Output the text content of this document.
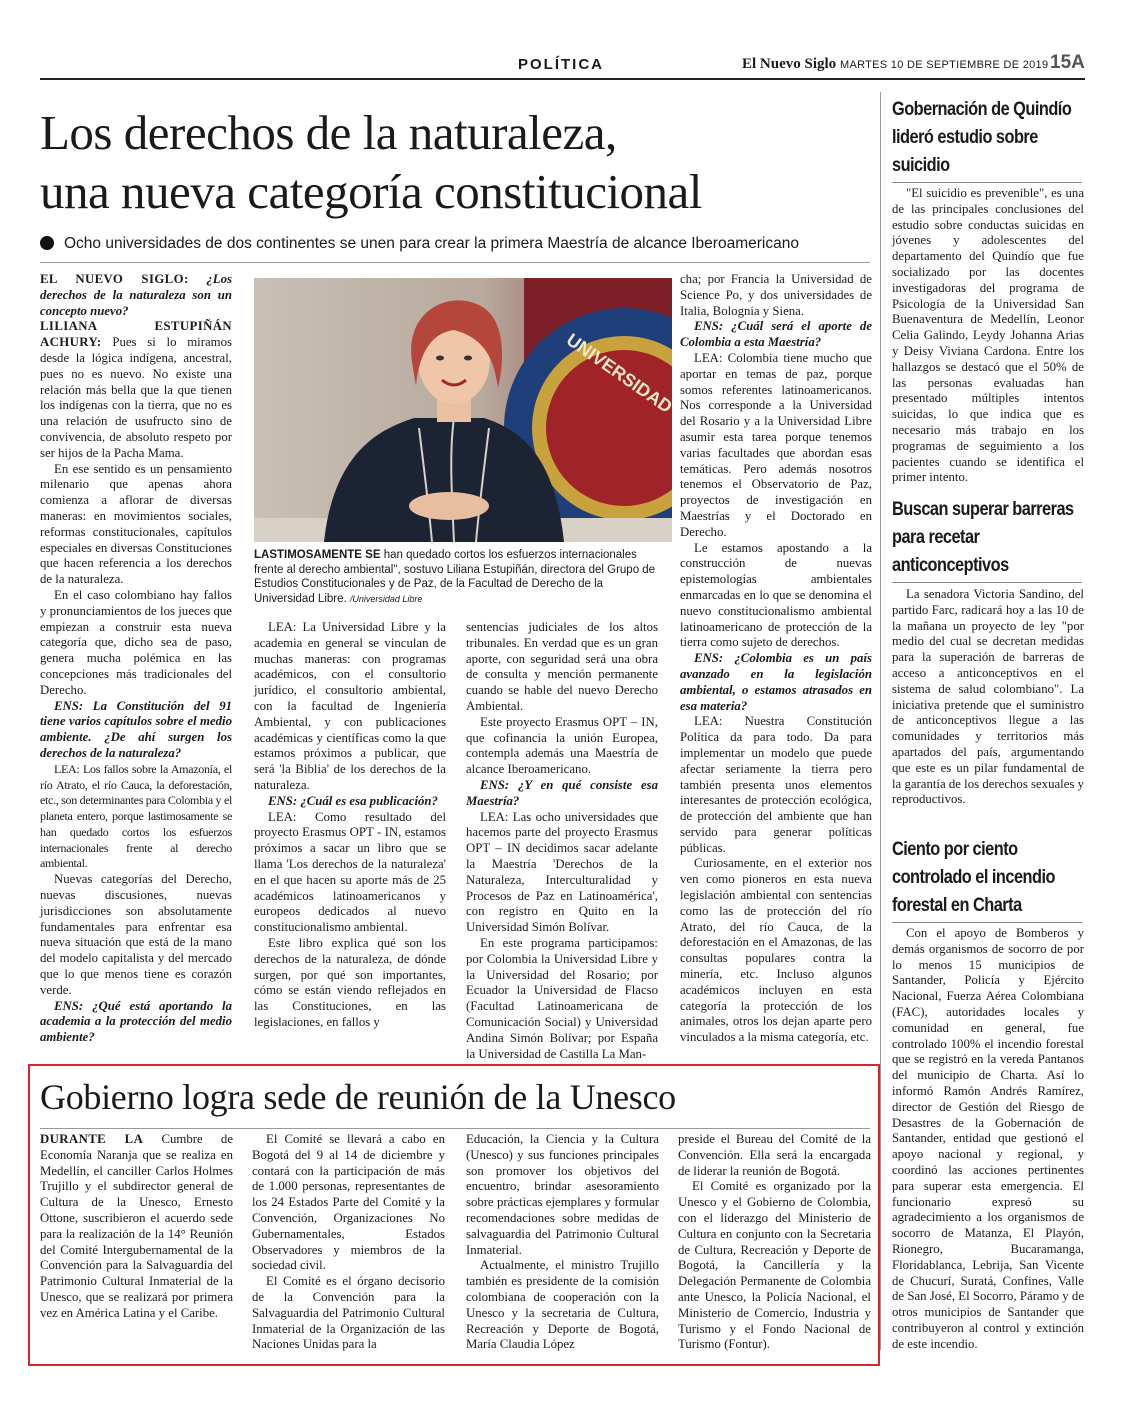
POLÍTICA	El Nuevo Siglo MARTES 10 DE SEPTIEMBRE DE 2019 15A
Los derechos de la naturaleza,
una nueva categoría constitucional
Ocho universidades de dos continentes se unen para crear la primera Maestría de alcance Iberoamericano

EL NUEVO SIGLO: ¿Los derechos de la naturaleza son un concepto nuevo?

LILIANA ESTUPIÑÁN ACHURY: Pues si lo miramos desde la lógica indígena, ancestral, pues no es nuevo. No existe una relación más bella que la que tienen los indígenas con la tierra, que no es una relación de usufructo sino de convivencia, de absoluto respeto por ser hijos de la Pacha Mama.

En ese sentido es un pensamiento milenario que apenas ahora comienza a aflorar de diversas maneras: en movimientos sociales, reformas constitucionales, capítulos especiales en diversas Constituciones que hacen referencia a los derechos de la naturaleza.

En el caso colombiano hay fallos y pronunciamientos de los jueces que empiezan a construir esta nueva categoría que, dicho sea de paso, genera mucha polémica en las concepciones más tradicionales del Derecho.

ENS: La Constitución del 91 tiene varios capítulos sobre el medio ambiente. ¿De ahí surgen los derechos de la naturaleza?

LEA: Los fallos sobre la Amazonía, el río Atrato, el río Cauca, la deforestación, etc., son determinantes para Colombia y el planeta entero, porque lastimosamente se han quedado cortos los esfuerzos internacionales frente al derecho ambiental.

Nuevas categorías del Derecho, nuevas discusiones, nuevas jurisdicciones son absolutamente fundamentales para enfrentar esa nueva situación que está de la mano del modelo capitalista y del mercado que lo que menos tiene es corazón verde.

ENS: ¿Qué está aportando la academia a la protección del medio ambiente?

LASTIMOSAMENTE SE han quedado cortos los esfuerzos internacionales frente al derecho ambiental", sostuvo Liliana Estupiñán, directora del Grupo de Estudios Constitucionales y de Paz, de la Facultad de Derecho de la Universidad Libre. /Universidad Libre

LEA: La Universidad Libre y la academia en general se vinculan de muchas maneras: con programas académicos, con el consultorio jurídico, el consultorio ambiental, con la facultad de Ingeniería Ambiental, y con publicaciones académicas y científicas como la que estamos próximos a publicar, que será 'la Biblia' de los derechos de la naturaleza.

ENS: ¿Cuál es esa publicación?

LEA: Como resultado del proyecto Erasmus OPT - IN, estamos próximos a sacar un libro que se llama 'Los derechos de la naturaleza' en el que hacen su aporte más de 25 académicos latinoamericanos y europeos dedicados al nuevo constitucionalismo ambiental.

Este libro explica qué son los derechos de la naturaleza, de dónde surgen, por qué son importantes, cómo se están viendo reflejados en las Constituciones, en las legislaciones, en fallos y

sentencias judiciales de los altos tribunales. En verdad que es un gran aporte, con seguridad será una obra de consulta y mención permanente cuando se hable del nuevo Derecho Ambiental.

Este proyecto Erasmus OPT – IN, que cofinancia la unión Europea, contempla además una Maestría de alcance Iberoamericano.

ENS: ¿Y en qué consiste esa Maestría?

LEA: Las ocho universidades que hacemos parte del proyecto Erasmus OPT – IN decidimos sacar adelante la Maestría 'Derechos de la Naturaleza, Interculturalidad y Procesos de Paz en Latinoamérica', con registro en Quito en la Universidad Simón Bolívar.

En este programa participamos: por Colombia la Universidad Libre y la Universidad del Rosario; por Ecuador la Universidad de Flacso (Facultad Latinoamericana de Comunicación Social) y Universidad Andina Simón Bolívar; por España la Universidad de Castilla La Man-

cha; por Francia la Universidad de Science Po, y dos universidades de Italia, Bolognia y Siena.

ENS: ¿Cuál será el aporte de Colombia a esta Maestría?

LEA: Colombia tiene mucho que aportar en temas de paz, porque somos referentes latinoamericanos. Nos corresponde a la Universidad del Rosario y a la Universidad Libre asumir esta tarea porque tenemos varias facultades que abordan esas temáticas. Pero además nosotros tenemos el Observatorio de Paz, proyectos de investigación en Maestrías y el Doctorado en Derecho.

Le estamos apostando a la construcción de nuevas epistemologías ambientales enmarcadas en lo que se denomina el nuevo constitucionalismo ambiental latinoamericano de protección de la tierra como sujeto de derechos.

ENS: ¿Colombia es un país avanzado en la legislación ambiental, o estamos atrasados en esa materia?

LEA: Nuestra Constitución Política da para todo. Da para implementar un modelo que puede afectar seriamente la tierra pero también presenta unos elementos interesantes de protección ecológica, de protección del ambiente que han servido para generar políticas públicas.

Curiosamente, en el exterior nos ven como pioneros en esta nueva legislación ambiental con sentencias como las de protección del río Atrato, del río Cauca, de la deforestación en el Amazonas, de las consultas populares contra la minería, etc. Incluso algunos académicos incluyen en esta categoría la protección de los animales, otros los dejan aparte pero vinculados a la misma categoría, etc.

Gobernación de Quindío lideró estudio sobre suicidio

"El suicidio es prevenible", es una de las principales conclusiones del estudio sobre conductas suicidas en jóvenes y adolescentes del departamento del Quindío que fue socializado por las docentes investigadoras del programa de Psicología de la Universidad San Buenaventura de Medellín, Leonor Celia Galindo, Leydy Johanna Arias y Deisy Viviana Cardona. Entre los hallazgos se destacó que el 50% de las personas evaluadas han presentado múltiples intentos suicidas, lo que indica que es necesario más trabajo en los programas de seguimiento a los pacientes cuando se identifica el primer intento.

Buscan superar barreras para recetar anticonceptivos

La senadora Victoria Sandino, del partido Farc, radicará hoy a las 10 de la mañana un proyecto de ley "por medio del cual se decretan medidas para la superación de barreras de acceso a anticonceptivos en el sistema de salud colombiano". La iniciativa pretende que el suministro de anticonceptivos llegue a las comunidades y territorios más apartados del país, argumentando que este es un pilar fundamental de la garantía de los derechos sexuales y reproductivos.

Ciento por ciento controlado el incendio forestal en Charta

Con el apoyo de Bomberos y demás organismos de socorro de por lo menos 15 municipios de Santander, Policía y Ejército Nacional, Fuerza Aérea Colombiana (FAC), autoridades locales y comunidad en general, fue controlado 100% el incendio forestal que se registró en la vereda Pantanos del municipio de Charta. Así lo informó Ramón Andrés Ramírez, director de Gestión del Riesgo de Desastres de la Gobernación de Santander, entidad que gestionó el apoyo nacional y regional, y coordinó las acciones pertinentes para superar esta emergencia. El funcionario expresó su agradecimiento a los organismos de socorro de Matanza, El Playón, Rionegro, Bucaramanga, Floridablanca, Lebrija, San Vicente de Chucurí, Suratá, Confines, Valle de San José, El Socorro, Páramo y de otros municipios de Santander que contribuyeron al control y extinción de este incendio.

Gobierno logra sede de reunión de la Unesco

DURANTE LA Cumbre de Economía Naranja que se realiza en Medellín, el canciller Carlos Holmes Trujillo y el subdirector general de Cultura de la Unesco, Ernesto Ottone, suscribieron el acuerdo sede para la realización de la 14° Reunión del Comité Intergubernamental de la Convención para la Salvaguardia del Patrimonio Cultural Inmaterial de la Unesco, que se realizará por primera vez en América Latina y el Caribe.

El Comité se llevará a cabo en Bogotá del 9 al 14 de diciembre y contará con la participación de más de 1.000 personas, representantes de los 24 Estados Parte del Comité y la Convención, Organizaciones No Gubernamentales, Estados Observadores y miembros de la sociedad civil.

El Comité es el órgano decisorio de la Convención para la Salvaguardia del Patrimonio Cultural Inmaterial de la Organización de las Naciones Unidas para la

Educación, la Ciencia y la Cultura (Unesco) y sus funciones principales son promover los objetivos del encuentro, brindar asesoramiento sobre prácticas ejemplares y formular recomendaciones sobre medidas de salvaguardia del Patrimonio Cultural Inmaterial.

Actualmente, el ministro Trujillo también es presidente de la comisión colombiana de cooperación con la Unesco y la secretaria de Cultura, Recreación y Deporte de Bogotá, María Claudia López

preside el Bureau del Comité de la Convención. Ella será la encargada de liderar la reunión de Bogotá.

El Comité es organizado por la Unesco y el Gobierno de Colombia, con el liderazgo del Ministerio de Cultura en conjunto con la Secretaria de Cultura, Recreación y Deporte de Bogotá, la Cancillería y la Delegación Permanente de Colombia ante Unesco, la Policía Nacional, el Ministerio de Comercio, Industria y Turismo y el Fondo Nacional de Turismo (Fontur).
